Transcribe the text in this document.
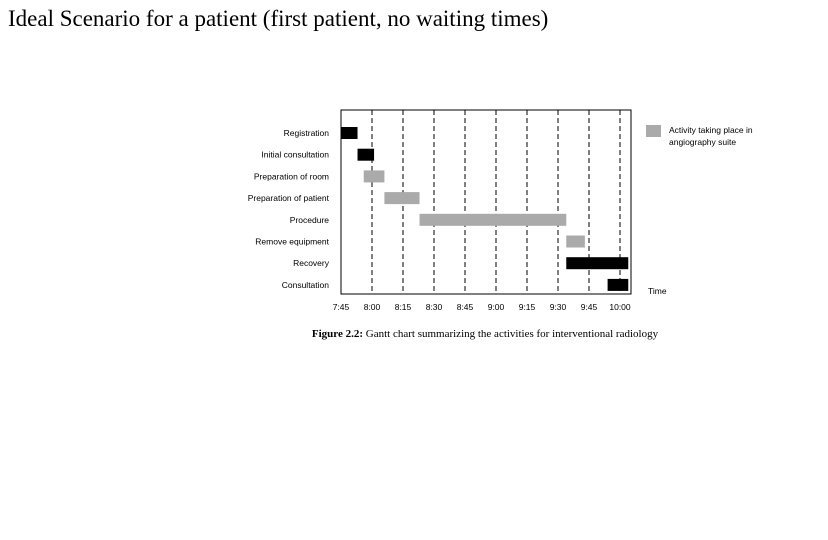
Ideal Scenario for a patient (first patient, no waiting times)
Registration
Initial consultation
Preparation of room
Preparation of patient
Procedure
Remove equipment
Recovery
Consultation
7:45 8:00 8:15 8:30 8:45 9:00 9:15 9:30 9:45 10:00
Time
Activity taking place in
angiography suite
Figure 2.2: Gantt chart summarizing the activities for interventional radiology
